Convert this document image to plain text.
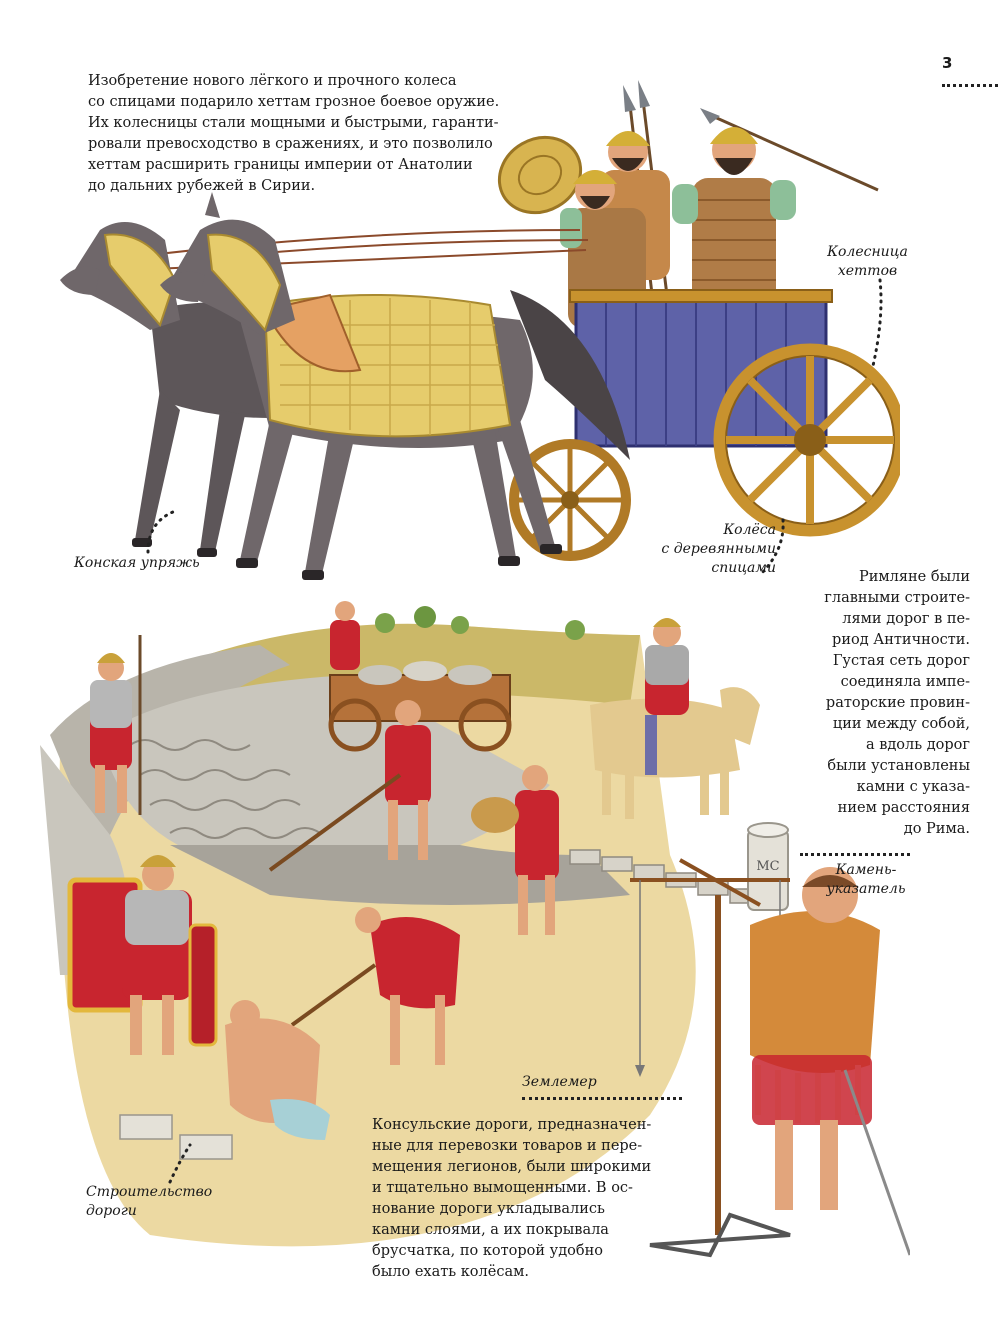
3

Изобретение нового лёгкого и прочного колеса
со спицами подарило хеттам грозное боевое оружие.
Их колесницы стали мощными и быстрыми, гаранти-
ровали превосходство в сражениях, и это позволило
хеттам расширить границы империи от Анатолии
до дальних рубежей в Сирии.

Колесница
хеттов
Конская упряжь
Колёса
с деревянными
спицами
MC

Римляне были
главными строите-
лями дорог в пе-
риод Античности.
Густая сеть дорог
соединяла импе-
раторские провин-
ции между собой,
а вдоль дорог
были установлены
камни с указа-
нием расстояния
до Рима.

Консульские дороги, предназначен-
ные для перевозки товаров и пере-
мещения легионов, были широкими
и тщательно вымощенными. В ос-
нование дороги укладывались
камни слоями, а их покрывала
брусчатка, по которой удобно
было ехать колёсам.

Камень-
указатель
Землемер
Строительство
дороги
